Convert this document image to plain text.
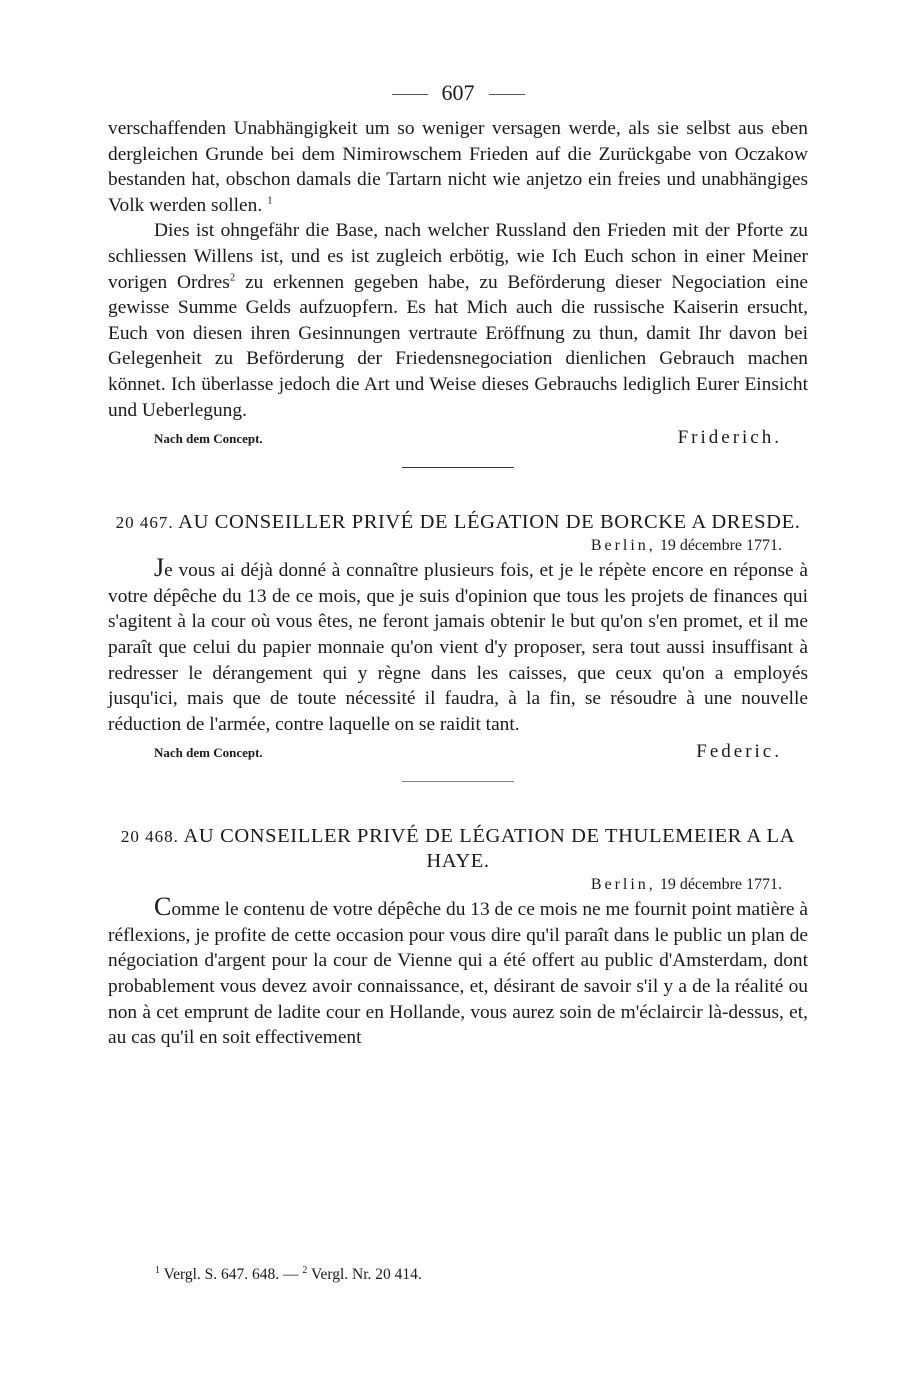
607

verschaffenden Unabhängigkeit um so weniger versagen werde, als sie selbst aus eben dergleichen Grunde bei dem Nimirowschem Frieden auf die Zurückgabe von Oczakow bestanden hat, obschon damals die Tartarn nicht wie anjetzo ein freies und unabhängiges Volk werden sollen. $^1$

Dies ist ohngefähr die Base, nach welcher Russland den Frieden mit der Pforte zu schliessen Willens ist, und es ist zugleich erbötig, wie Ich Euch schon in einer Meiner vorigen Ordres$^2$ zu erkennen gegeben habe, zu Beförderung dieser Negociation eine gewisse Summe Gelds aufzuopfern. Es hat Mich auch die russische Kaiserin ersucht, Euch von diesen ihren Gesinnungen vertraute Eröffnung zu thun, damit Ihr davon bei Gelegenheit zu Beförderung der Friedensnegociation dienlichen Gebrauch machen könnet. Ich überlasse jedoch die Art und Weise dieses Gebrauchs lediglich Eurer Einsicht und Ueberlegung.

Nach dem Concept.	Friderich.
20 467. AU CONSEILLER PRIVÉ DE LÉGATION DE BORCKE A DRESDE.
Berlin, 19 décembre 1771.

Je vous ai déjà donné à connaître plusieurs fois, et je le répète encore en réponse à votre dépêche du 13 de ce mois, que je suis d'opinion que tous les projets de finances qui s'agitent à la cour où vous êtes, ne feront jamais obtenir le but qu'on s'en promet, et il me paraît que celui du papier monnaie qu'on vient d'y proposer, sera tout aussi insuffisant à redresser le dérangement qui y règne dans les caisses, que ceux qu'on a employés jusqu'ici, mais que de toute nécessité il faudra, à la fin, se résoudre à une nouvelle réduction de l'armée, contre laquelle on se raidit tant.

Nach dem Concept.	Federic.
20 468. AU CONSEILLER PRIVÉ DE LÉGATION DE THULEMEIER A LA HAYE.
Berlin, 19 décembre 1771.

Comme le contenu de votre dépêche du 13 de ce mois ne me fournit point matière à réflexions, je profite de cette occasion pour vous dire qu'il paraît dans le public un plan de négociation d'argent pour la cour de Vienne qui a été offert au public d'Amsterdam, dont probablement vous devez avoir connaissance, et, désirant de savoir s'il y a de la réalité ou non à cet emprunt de ladite cour en Hollande, vous aurez soin de m'éclaircir là-dessus, et, au cas qu'il en soit effectivement

$^1$ Vergl. S. 647. 648. — $^2$ Vergl. Nr. 20 414.
